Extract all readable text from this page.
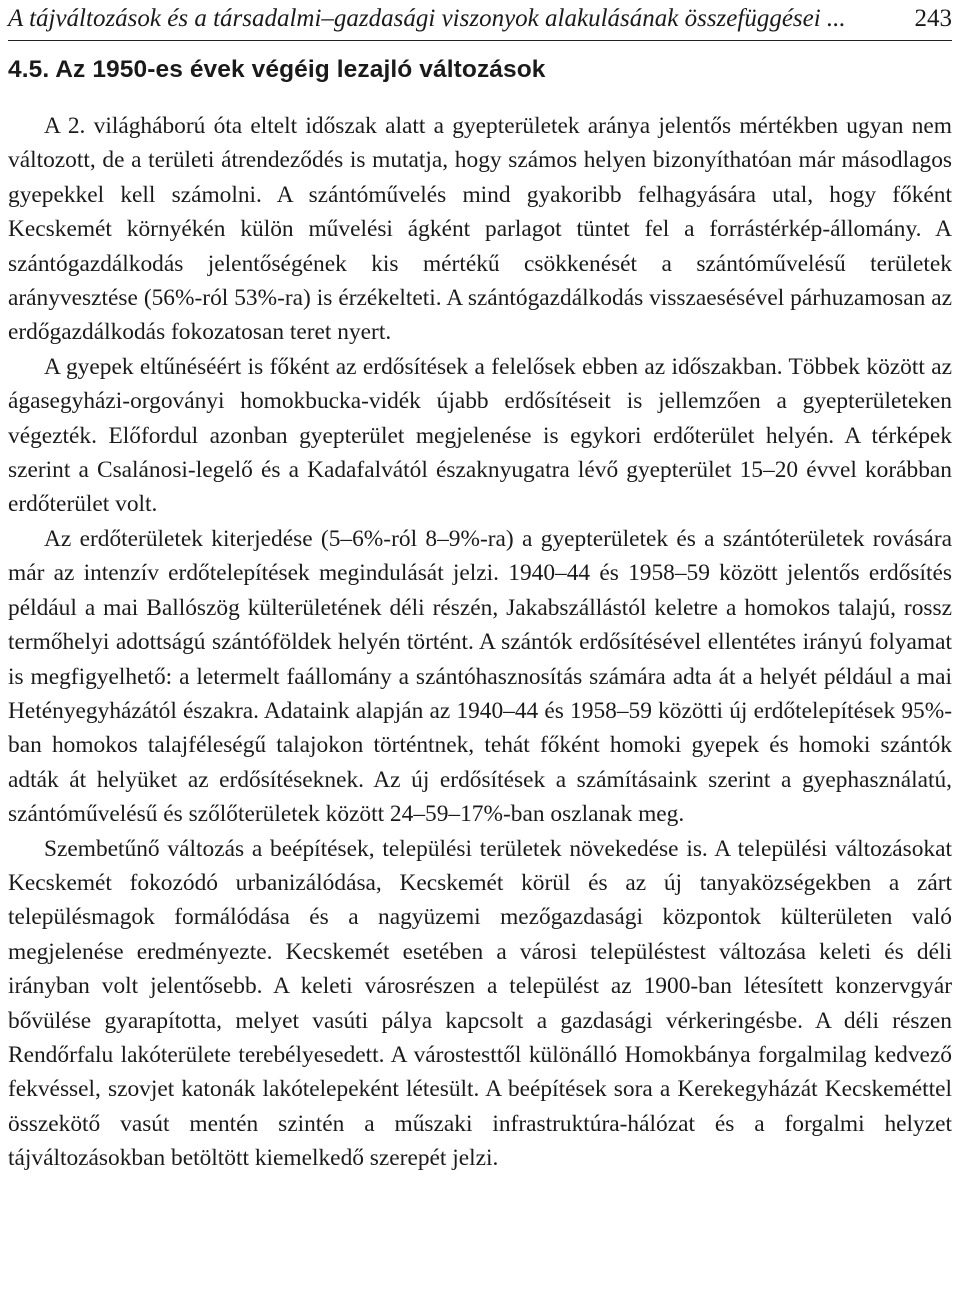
A tájváltozások és a társadalmi–gazdasági viszonyok alakulásának összefüggései ...	243
4.5. Az 1950-es évek végéig lezajló változások

A 2. világháború óta eltelt időszak alatt a gyepterületek aránya jelentős mértékben ugyan nem változott, de a területi átrendeződés is mutatja, hogy számos helyen bizonyíthatóan már másodlagos gyepekkel kell számolni. A szántóművelés mind gyakoribb felhagyására utal, hogy főként Kecskemét környékén külön művelési ágként parlagot tüntet fel a forrástérkép-állomány. A szántógazdálkodás jelentőségének kis mértékű csökkenését a szántóművelésű területek arányvesztése (56%-ról 53%-ra) is érzékelteti. A szántógazdálkodás visszaesésével párhuzamosan az erdőgazdálkodás fokozatosan teret nyert.

A gyepek eltűnéséért is főként az erdősítések a felelősek ebben az időszakban. Többek között az ágasegyházi-orgoványi homokbucka-vidék újabb erdősítéseit is jellemzően a gyepterületeken végezték. Előfordul azonban gyepterület megjelenése is egykori erdőterület helyén. A térképek szerint a Csalánosi-legelő és a Kadafalvától északnyugatra lévő gyepterület 15–20 évvel korábban erdőterület volt.

Az erdőterületek kiterjedése (5–6%-ról 8–9%-ra) a gyepterületek és a szántóterületek rovására már az intenzív erdőtelepítések megindulását jelzi. 1940–44 és 1958–59 között jelentős erdősítés például a mai Ballószög külterületének déli részén, Jakabszállástól keletre a homokos talajú, rossz termőhelyi adottságú szántóföldek helyén történt. A szántók erdősítésével ellentétes irányú folyamat is megfigyelhető: a letermelt faállomány a szántóhasznosítás számára adta át a helyét például a mai Hetényegyházától északra. Adataink alapján az 1940–44 és 1958–59 közötti új erdőtelepítések 95%-ban homokos talajféleségű talajokon történtnek, tehát főként homoki gyepek és homoki szántók adták át helyüket az erdősítéseknek. Az új erdősítések a számításaink szerint a gyephasználatú, szántóművelésű és szőlőterületek között 24–59–17%-ban oszlanak meg.

Szembetűnő változás a beépítések, települési területek növekedése is. A települési változásokat Kecskemét fokozódó urbanizálódása, Kecskemét körül és az új tanyaközségekben a zárt településmagok formálódása és a nagyüzemi mezőgazdasági központok külterületen való megjelenése eredményezte. Kecskemét esetében a városi településtest változása keleti és déli irányban volt jelentősebb. A keleti városrészen a települést az 1900-ban létesített konzervgyár bővülése gyarapította, melyet vasúti pálya kapcsolt a gazdasági vérkeringésbe. A déli részen Rendőrfalu lakóterülete terebélyesedett. A várostesttől különálló Homokbánya forgalmilag kedvező fekvéssel, szovjet katonák lakótelepeként létesült. A beépítések sora a Kerekegyházát Kecskeméttel összekötő vasút mentén szintén a műszaki infrastruktúra-hálózat és a forgalmi helyzet tájváltozásokban betöltött kiemelkedő szerepét jelzi.
